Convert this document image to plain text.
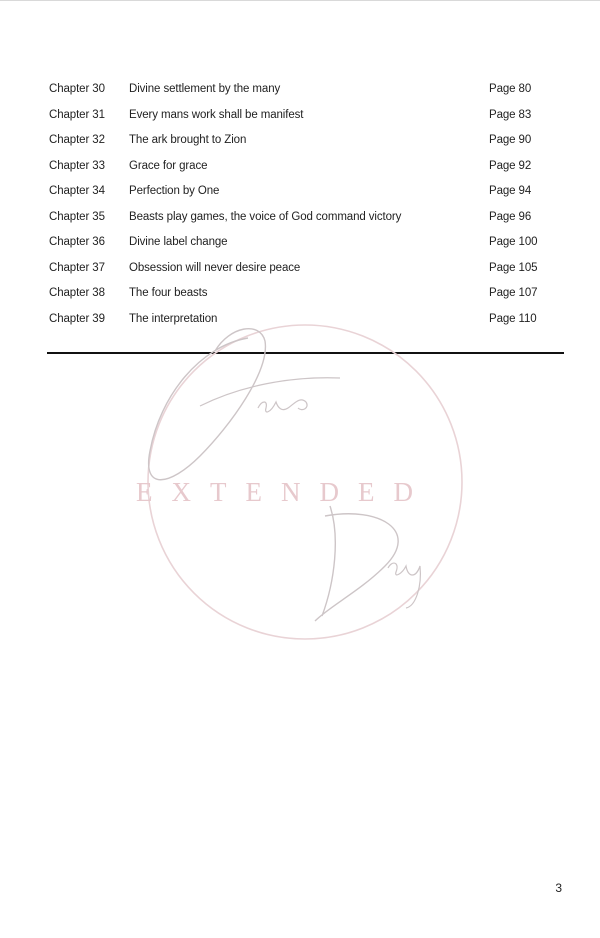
Chapter 30 Divine settlement by the many	Page 80
Chapter 31 Every mans work shall be manifest	Page 83
Chapter 32 The ark brought to Zion	Page 90
Chapter 33 Grace for grace	Page 92
Chapter 34 Perfection by One	Page 94
Chapter 35 Beasts play games, the voice of God command victory	Page 96
Chapter 36 Divine label change	Page 100
Chapter 37 Obsession will never desire peace	Page 105
Chapter 38 The four beasts	Page 107
Chapter 39 The interpretation	Page 110
EXTENDED
3
